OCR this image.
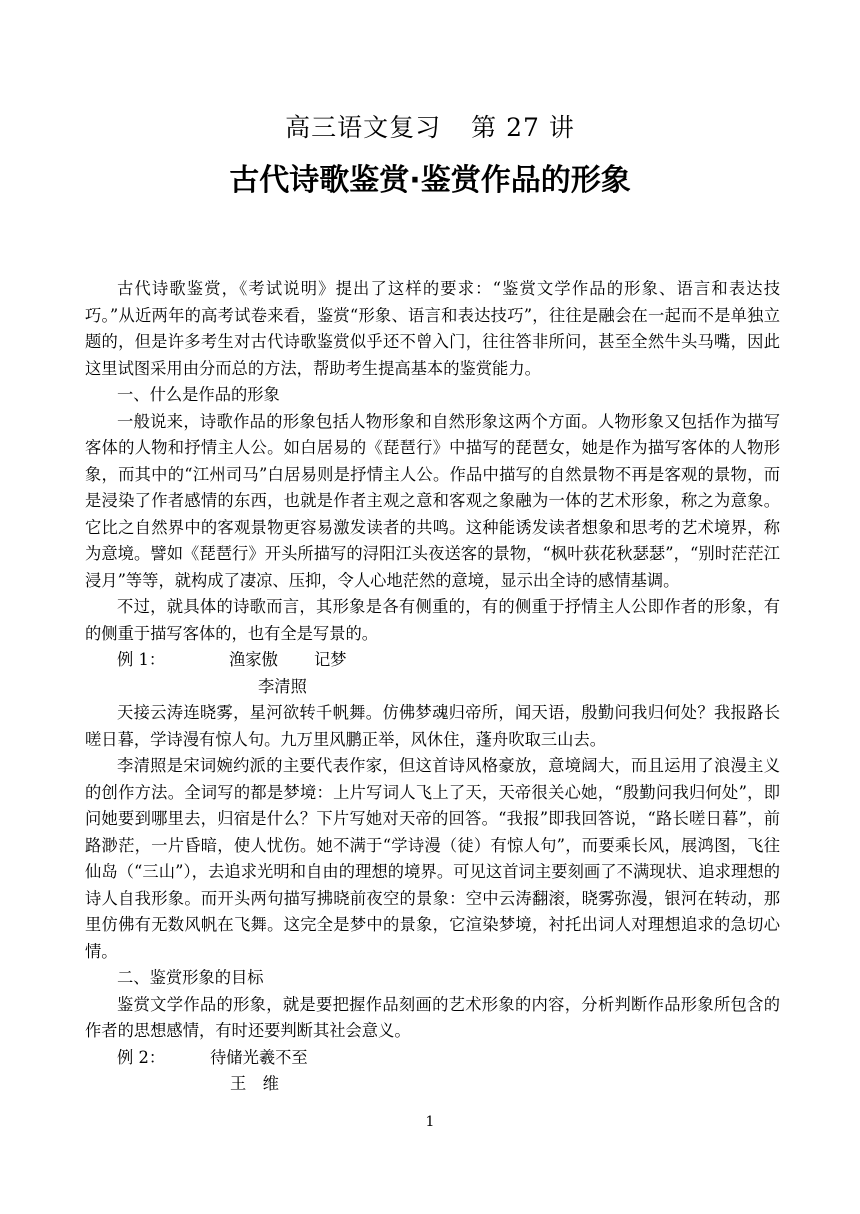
高三语文复习 第 27 讲
古代诗歌鉴赏·鉴赏作品的形象

古代诗歌鉴赏，《考试说明》提出了这样的要求：“鉴赏文学作品的形象、语言和表达技巧。”从近两年的高考试卷来看，鉴赏“形象、语言和表达技巧”，往往是融会在一起而不是单独立题的，但是许多考生对古代诗歌鉴赏似乎还不曾入门，往往答非所问，甚至全然牛头马嘴，因此这里试图采用由分而总的方法，帮助考生提高基本的鉴赏能力。

一、什么是作品的形象

一般说来，诗歌作品的形象包括人物形象和自然形象这两个方面。人物形象又包括作为描写客体的人物和抒情主人公。如白居易的《琵琶行》中描写的琵琶女，她是作为描写客体的人物形象，而其中的“江州司马”白居易则是抒情主人公。作品中描写的自然景物不再是客观的景物，而是浸染了作者感情的东西，也就是作者主观之意和客观之象融为一体的艺术形象，称之为意象。它比之自然界中的客观景物更容易激发读者的共鸣。这种能诱发读者想象和思考的艺术境界，称为意境。譬如《琵琶行》开头所描写的浔阳江头夜送客的景物，“枫叶荻花秋瑟瑟”，“别时茫茫江浸月”等等，就构成了凄凉、压抑，令人心地茫然的意境，显示出全诗的感情基调。

不过，就具体的诗歌而言，其形象是各有侧重的，有的侧重于抒情主人公即作者的形象，有的侧重于描写客体的，也有全是写景的。

例 1：	渔家傲 记梦

李清照

天接云涛连晓雾，星河欲转千帆舞。仿佛梦魂归帝所，闻天语，殷勤问我归何处？我报路长嗟日暮，学诗漫有惊人句。九万里风鹏正举，风休住，蓬舟吹取三山去。

李清照是宋词婉约派的主要代表作家，但这首诗风格豪放，意境阔大，而且运用了浪漫主义的创作方法。全词写的都是梦境：上片写词人飞上了天，天帝很关心她，“殷勤问我归何处”，即问她要到哪里去，归宿是什么？下片写她对天帝的回答。“我报”即我回答说，“路长嗟日暮”，前路渺茫，一片昏暗，使人忧伤。她不满于“学诗漫（徒）有惊人句”，而要乘长风，展鸿图，飞往仙岛（“三山”），去追求光明和自由的理想的境界。可见这首词主要刻画了不满现状、追求理想的诗人自我形象。而开头两句描写拂晓前夜空的景象：空中云涛翻滚，晓雾弥漫，银河在转动，那里仿佛有无数风帆在飞舞。这完全是梦中的景象，它渲染梦境，衬托出词人对理想追求的急切心情。

二、鉴赏形象的目标

鉴赏文学作品的形象，就是要把握作品刻画的艺术形象的内容，分析判断作品形象所包含的作者的思想感情，有时还要判断其社会意义。

例 2：	待储光羲不至

王　维

1
